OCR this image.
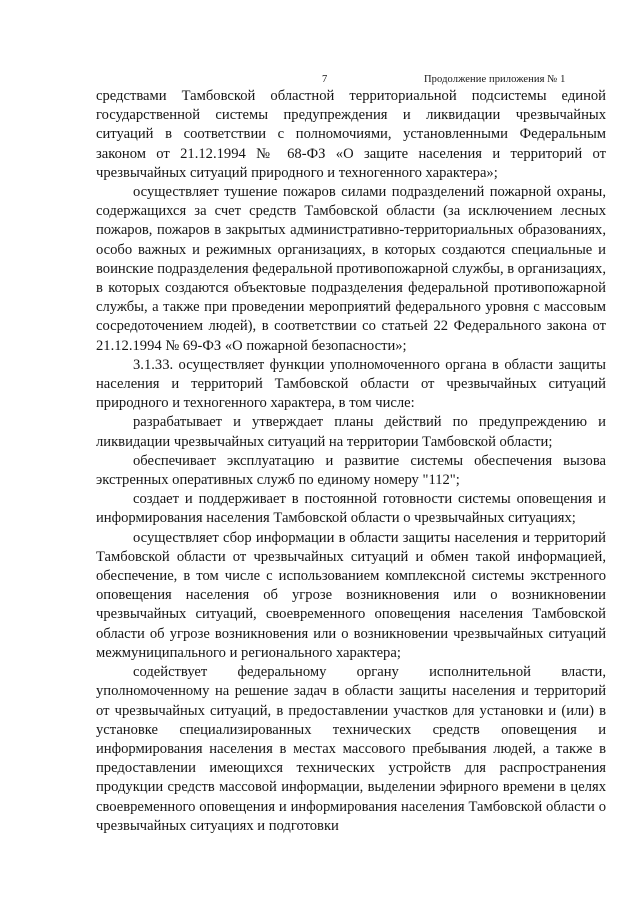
7	Продолжение приложения № 1

средствами Тамбовской областной территориальной подсистемы единой государственной системы предупреждения и ликвидации чрезвычайных ситуаций в соответствии с полномочиями, установленными Федеральным законом от 21.12.1994 № 68-ФЗ «О защите населения и территорий от чрезвычайных ситуаций природного и техногенного характера»;

осуществляет тушение пожаров силами подразделений пожарной охраны, содержащихся за счет средств Тамбовской области (за исключением лесных пожаров, пожаров в закрытых административно-территориальных образованиях, особо важных и режимных организациях, в которых создаются специальные и воинские подразделения федеральной противопожарной службы, в организациях, в которых создаются объектовые подразделения федеральной противопожарной службы, а также при проведении мероприятий федерального уровня с массовым сосредоточением людей), в соответствии со статьей 22 Федерального закона от 21.12.1994 № 69-ФЗ «О пожарной безопасности»;

3.1.33. осуществляет функции уполномоченного органа в области защиты населения и территорий Тамбовской области от чрезвычайных ситуаций природного и техногенного характера, в том числе:

разрабатывает и утверждает планы действий по предупреждению и ликвидации чрезвычайных ситуаций на территории Тамбовской области;

обеспечивает эксплуатацию и развитие системы обеспечения вызова экстренных оперативных служб по единому номеру "112";

создает и поддерживает в постоянной готовности системы оповещения и информирования населения Тамбовской области о чрезвычайных ситуациях;

осуществляет сбор информации в области защиты населения и территорий Тамбовской области от чрезвычайных ситуаций и обмен такой информацией, обеспечение, в том числе с использованием комплексной системы экстренного оповещения населения об угрозе возникновения или о возникновении чрезвычайных ситуаций, своевременного оповещения населения Тамбовской области об угрозе возникновения или о возникновении чрезвычайных ситуаций межмуниципального и регионального характера;

содействует федеральному органу исполнительной власти, уполномоченному на решение задач в области защиты населения и территорий от чрезвычайных ситуаций, в предоставлении участков для установки и (или) в установке специализированных технических средств оповещения и информирования населения в местах массового пребывания людей, а также в предоставлении имеющихся технических устройств для распространения продукции средств массовой информации, выделении эфирного времени в целях своевременного оповещения и информирования населения Тамбовской области о чрезвычайных ситуациях и подготовки
